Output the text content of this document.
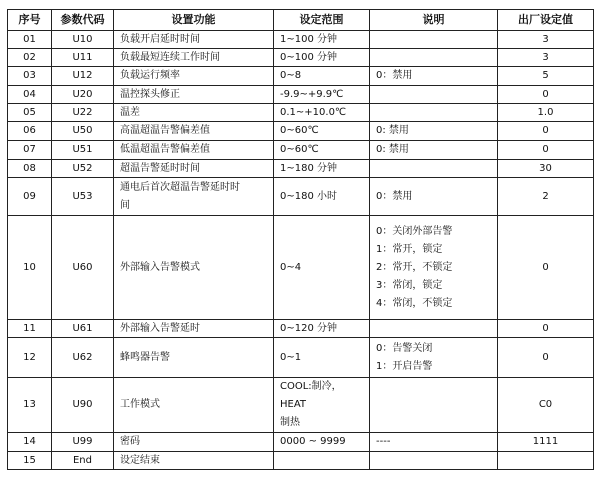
序号	参数代码	设置功能	设定范围	说明	出厂设定值
01	U10	负载开启延时时间	1~100 分钟		3
02	U11	负载最短连续工作时间	0~100 分钟		3
03	U12	负载运行频率	0~8	0：禁用	5
04	U20	温控探头修正	-9.9~+9.9℃		0
05	U22	温差	0.1~+10.0℃		1.0
06	U50	高温超温告警偏差值	0~60℃	0: 禁用	0
07	U51	低温超温告警偏差值	0~60℃	0: 禁用	0
08	U52	超温告警延时时间	1~180 分钟		30
09	U53	通电后首次超温告警延时时
间	0~180 小时	0：禁用	2
10	U60	外部输入告警模式	0~4	0：关闭外部告警
1：常开，锁定
2：常开，不锁定
3：常闭，锁定
4：常闭，不锁定	0
11	U61	外部输入告警延时	0~120 分钟		0
12	U62	蜂鸣器告警	0~1	0：告警关闭
1：开启告警	0
13	U90	工作模式	COOL:制冷，HEAT
制热		C0
14	U99	密码	0000 ~ 9999	----	1111
15	End	设定结束			
